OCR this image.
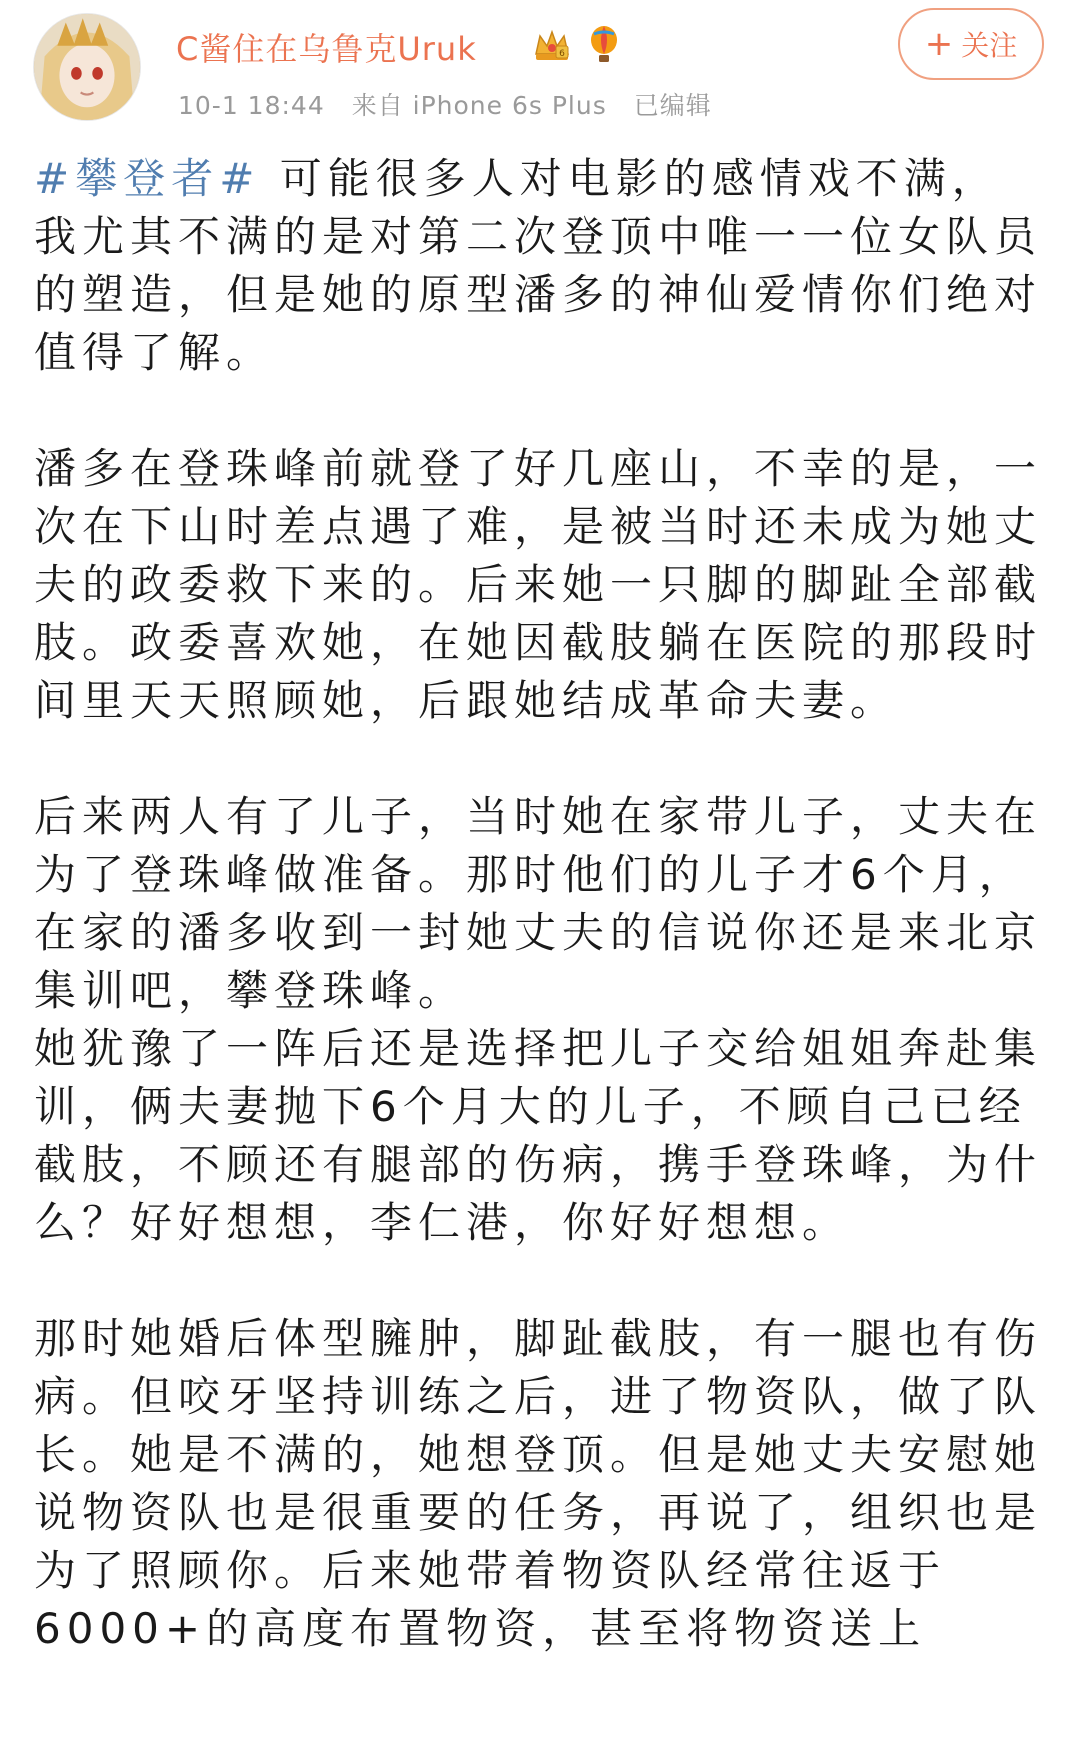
C酱住在乌鲁克Uruk	6
10-1 18:44 来自 iPhone 6s Plus 已编辑
+ 关注

#攀登者# 可能很多人对电影的感情戏不满，我尤其不满的是对第二次登顶中唯一一位女队员的塑造，但是她的原型潘多的神仙爱情你们绝对值得了解。

潘多在登珠峰前就登了好几座山，不幸的是，一次在下山时差点遇了难，是被当时还未成为她丈夫的政委救下来的。后来她一只脚的脚趾全部截肢。政委喜欢她，在她因截肢躺在医院的那段时间里天天照顾她，后跟她结成革命夫妻。

后来两人有了儿子，当时她在家带儿子，丈夫在为了登珠峰做准备。那时他们的儿子才6个月，在家的潘多收到一封她丈夫的信说你还是来北京集训吧，攀登珠峰。

她犹豫了一阵后还是选择把儿子交给姐姐奔赴集训，俩夫妻抛下6个月大的儿子，不顾自己已经截肢，不顾还有腿部的伤病，携手登珠峰，为什么？好好想想，李仁港，你好好想想。

那时她婚后体型臃肿，脚趾截肢，有一腿也有伤病。但咬牙坚持训练之后，进了物资队，做了队长。她是不满的，她想登顶。但是她丈夫安慰她说物资队也是很重要的任务，再说了，组织也是为了照顾你。后来她带着物资队经常往返于6000+的高度布置物资，甚至将物资送上
